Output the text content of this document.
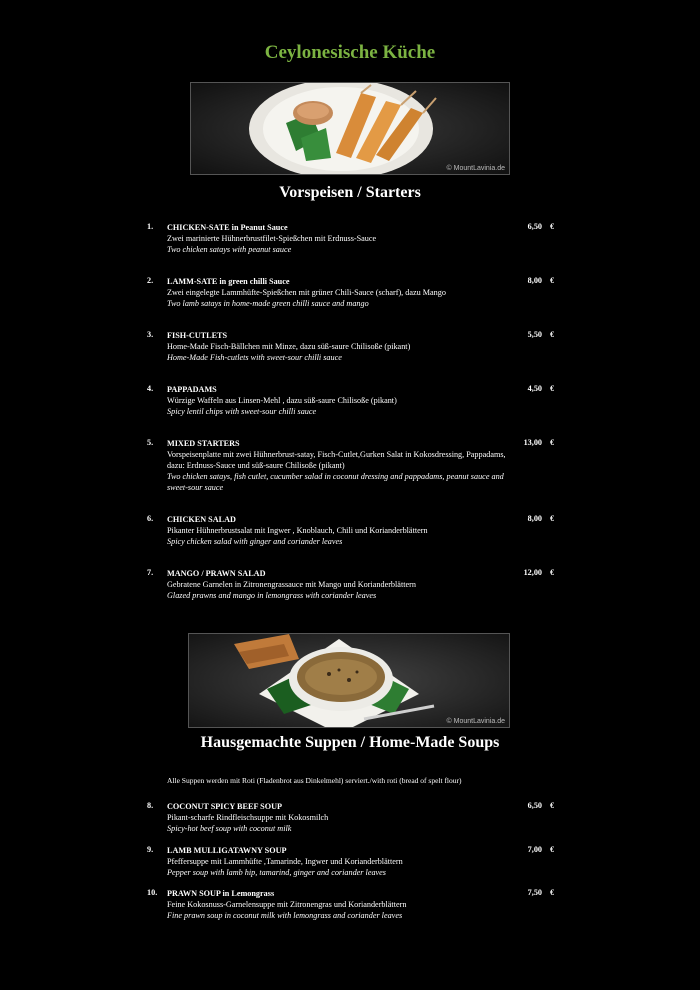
Ceylonesische Küche
© MountLavinia.de
Vorspeisen / Starters
1. CHICKEN-SATE in Peanut Sauce
Zwei marinierte Hühnerbrustfilet-Spießchen mit Erdnuss-Sauce
Two chicken satays with peanut sauce
6,50 €
2. LAMM-SATE in green chilli Sauce
Zwei eingelegte Lammhüfte-Spießchen mit grüner Chili-Sauce (scharf), dazu Mango
Two lamb satays in home-made green chilli sauce and mango
8,00 €
3. FISH-CUTLETS
Home-Made Fisch-Bällchen mit Minze, dazu süß-saure Chilisoße (pikant)
Home-Made Fish-cutlets with sweet-sour chilli sauce
5,50 €
4. PAPPADAMS
Würzige Waffeln aus Linsen-Mehl , dazu süß-saure Chilisoße (pikant)
Spicy lentil chips with sweet-sour chilli sauce
4,50 €
5. MIXED STARTERS
Vorspeisenplatte mit zwei Hühnerbrust-satay, Fisch-Cutlet,Gurken Salat in Kokosdressing, Pappadams, dazu: Erdnuss-Sauce und süß-saure Chilisoße (pikant)
Two chicken satays, fish cutlet, cucumber salad in coconut dressing and pappadams, peanut sauce and sweet-sour sauce
13,00 €
6. CHICKEN SALAD
Pikanter Hühnerbrustsalat mit Ingwer , Knoblauch, Chili und Korianderblättern
Spicy chicken salad with ginger and coriander leaves
8,00 €
7. MANGO / PRAWN SALAD
Gebratene Garnelen in Zitronengrassauce mit Mango und Korianderblättern
Glazed prawns and mango in lemongrass with coriander leaves
12,00 €
© MountLavinia.de
Hausgemachte Suppen / Home-Made Soups
Alle Suppen werden mit Roti (Fladenbrot aus Dinkelmehl) serviert./with roti (bread of spelt flour)
8. COCONUT SPICY BEEF SOUP
Pikant-scharfe Rindfleischsuppe mit Kokosmilch
Spicy-hot beef soup with coconut milk
6,50 €
9. LAMB MULLIGATAWNY SOUP
Pfeffersuppe mit Lammhüfte ,Tamarinde, Ingwer und Korianderblättern
Pepper soup with lamb hip, tamarind, ginger and coriander leaves
7,00 €
10. PRAWN SOUP in Lemongrass
Feine Kokosnuss-Garnelensuppe mit Zitronengras und Korianderblättern
Fine prawn soup in coconut milk with lemongrass and coriander leaves
7,50 €
